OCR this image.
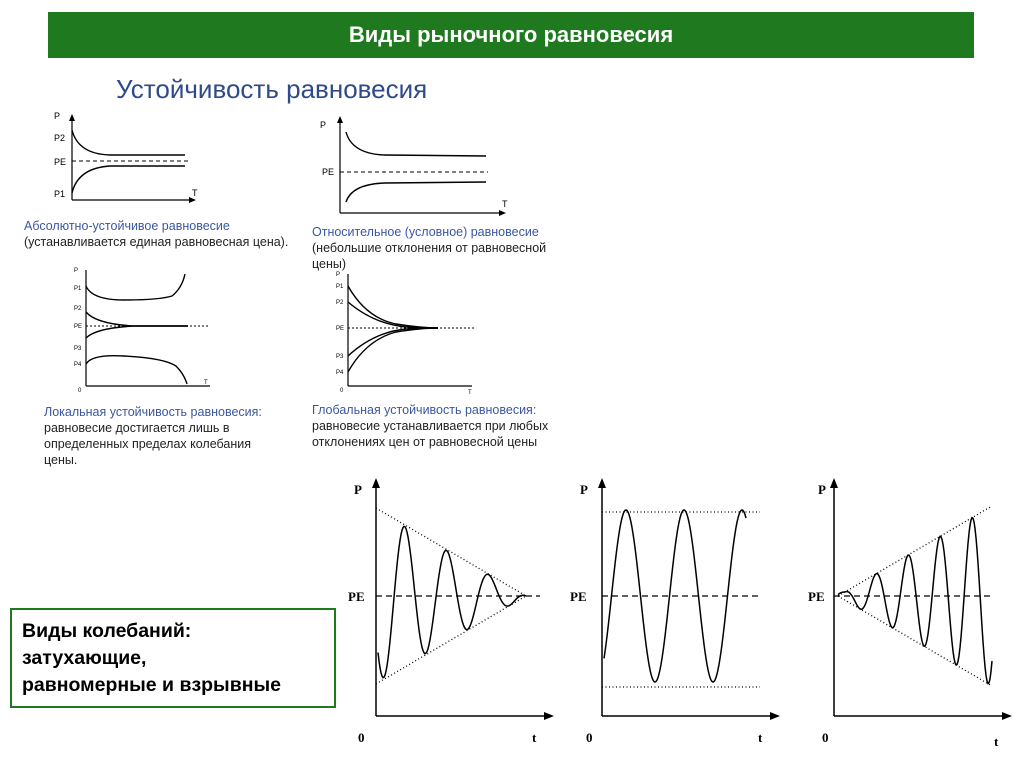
Виды рыночного равновесия
Устойчивость равновесия
P
P2
PE
P1	T
Абсолютно-устойчивое равновесие
(устанавливается единая равновесная цена).
P
PE
T
Относительное (условное) равновесие
(небольшие отклонения от равновесной цены)
P
P1
P2
PE
P3
P4
0
T
Локальная устойчивость равновесия:
равновесие достигается лишь в определенных пределах колебания цены.
P
P1
P2
PE
P3
P4
0	T
Глобальная устойчивость равновесия:
равновесие устанавливается при любых отклонениях цен от равновесной цены
P
PE
0	t
P
PE
0	t
P
PE
0	t
Виды колебаний:
затухающие,
равномерные и взрывные
